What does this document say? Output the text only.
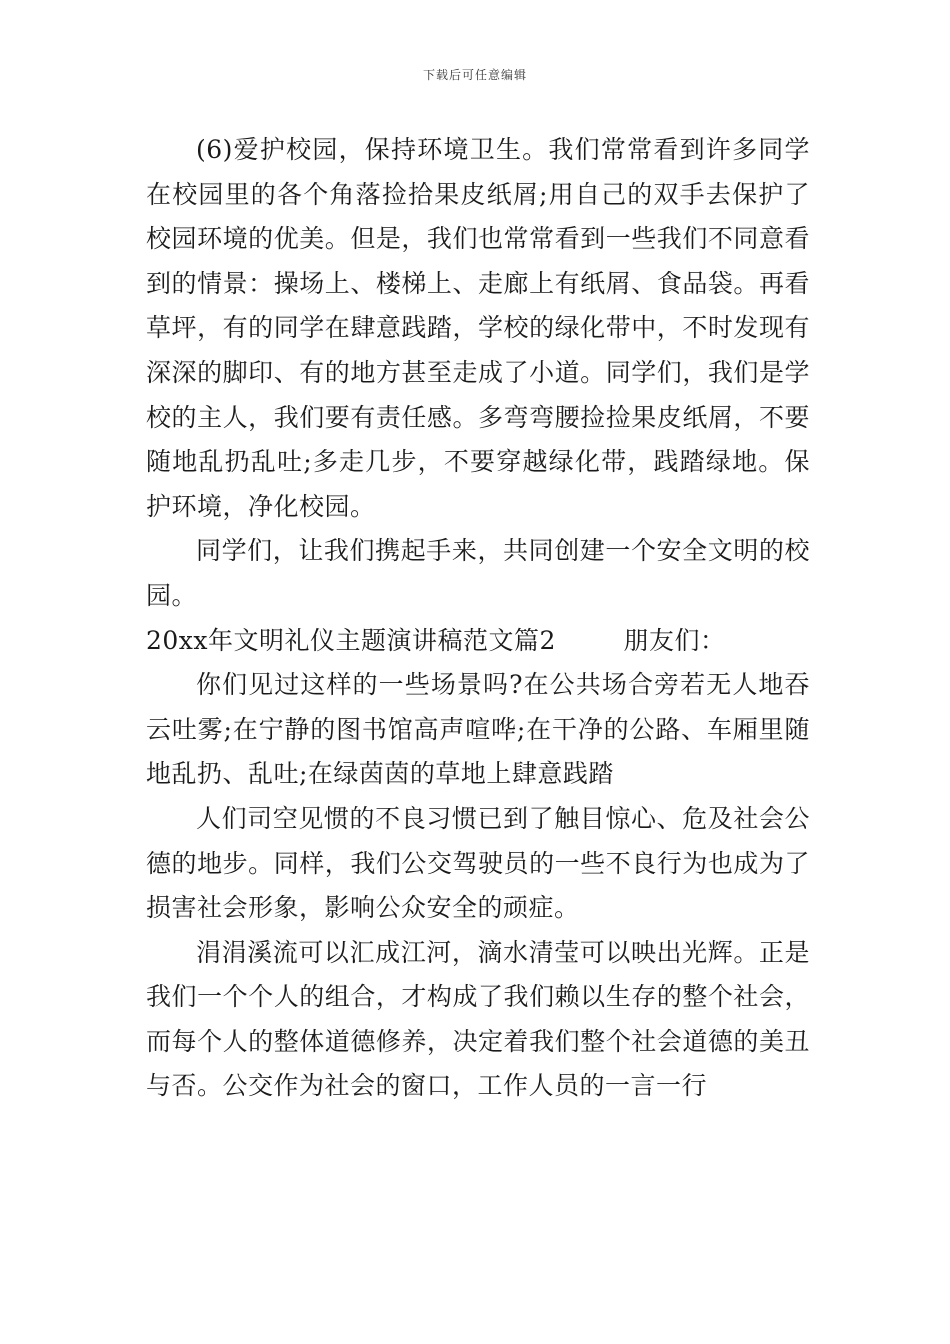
下载后可任意编辑

(6)爱护校园，保持环境卫生。我们常常看到许多同学在校园里的各个角落捡拾果皮纸屑;用自己的双手去保护了校园环境的优美。但是，我们也常常看到一些我们不同意看到的情景：操场上、楼梯上、走廊上有纸屑、食品袋。再看草坪，有的同学在肆意践踏，学校的绿化带中，不时发现有深深的脚印、有的地方甚至走成了小道。同学们，我们是学校的主人，我们要有责任感。多弯弯腰捡捡果皮纸屑，不要随地乱扔乱吐;多走几步，不要穿越绿化带，践踏绿地。保护环境，净化校园。

同学们，让我们携起手来，共同创建一个安全文明的校园。

20xx年文明礼仪主题演讲稿范文篇2	朋友们：

你们见过这样的一些场景吗?在公共场合旁若无人地吞云吐雾;在宁静的图书馆高声喧哗;在干净的公路、车厢里随地乱扔、乱吐;在绿茵茵的草地上肆意践踏

人们司空见惯的不良习惯已到了触目惊心、危及社会公德的地步。同样，我们公交驾驶员的一些不良行为也成为了损害社会形象，影响公众安全的顽症。

涓涓溪流可以汇成江河，滴水清莹可以映出光辉。正是我们一个个人的组合，才构成了我们赖以生存的整个社会，而每个人的整体道德修养，决定着我们整个社会道德的美丑与否。公交作为社会的窗口，工作人员的一言一行
